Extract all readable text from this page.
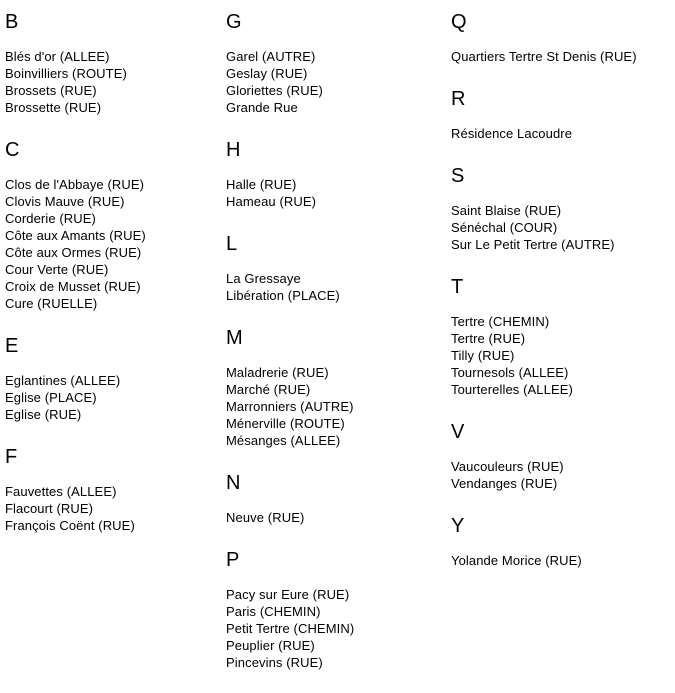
B
Blés d'or (ALLEE)
Boinvilliers (ROUTE)
Brossets (RUE)
Brossette (RUE)
C
Clos de l'Abbaye (RUE)
Clovis Mauve (RUE)
Corderie (RUE)
Côte aux Amants (RUE)
Côte aux Ormes (RUE)
Cour Verte (RUE)
Croix de Musset (RUE)
Cure (RUELLE)
E
Eglantines (ALLEE)
Eglise (PLACE)
Eglise (RUE)
F
Fauvettes (ALLEE)
Flacourt (RUE)
François Coënt (RUE)
G
Garel (AUTRE)
Geslay (RUE)
Gloriettes (RUE)
Grande Rue
H
Halle (RUE)
Hameau (RUE)
L
La Gressaye
Libération (PLACE)
M
Maladrerie (RUE)
Marché (RUE)
Marronniers (AUTRE)
Ménerville (ROUTE)
Mésanges (ALLEE)
N
Neuve (RUE)
P
Pacy sur Eure (RUE)
Paris (CHEMIN)
Petit Tertre (CHEMIN)
Peuplier (RUE)
Pincevins (RUE)
Q
Quartiers Tertre St Denis (RUE)
R
Résidence Lacoudre
S
Saint Blaise (RUE)
Sénéchal (COUR)
Sur Le Petit Tertre (AUTRE)
T
Tertre (CHEMIN)
Tertre (RUE)
Tilly (RUE)
Tournesols (ALLEE)
Tourterelles (ALLEE)
V
Vaucouleurs (RUE)
Vendanges (RUE)
Y
Yolande Morice (RUE)
